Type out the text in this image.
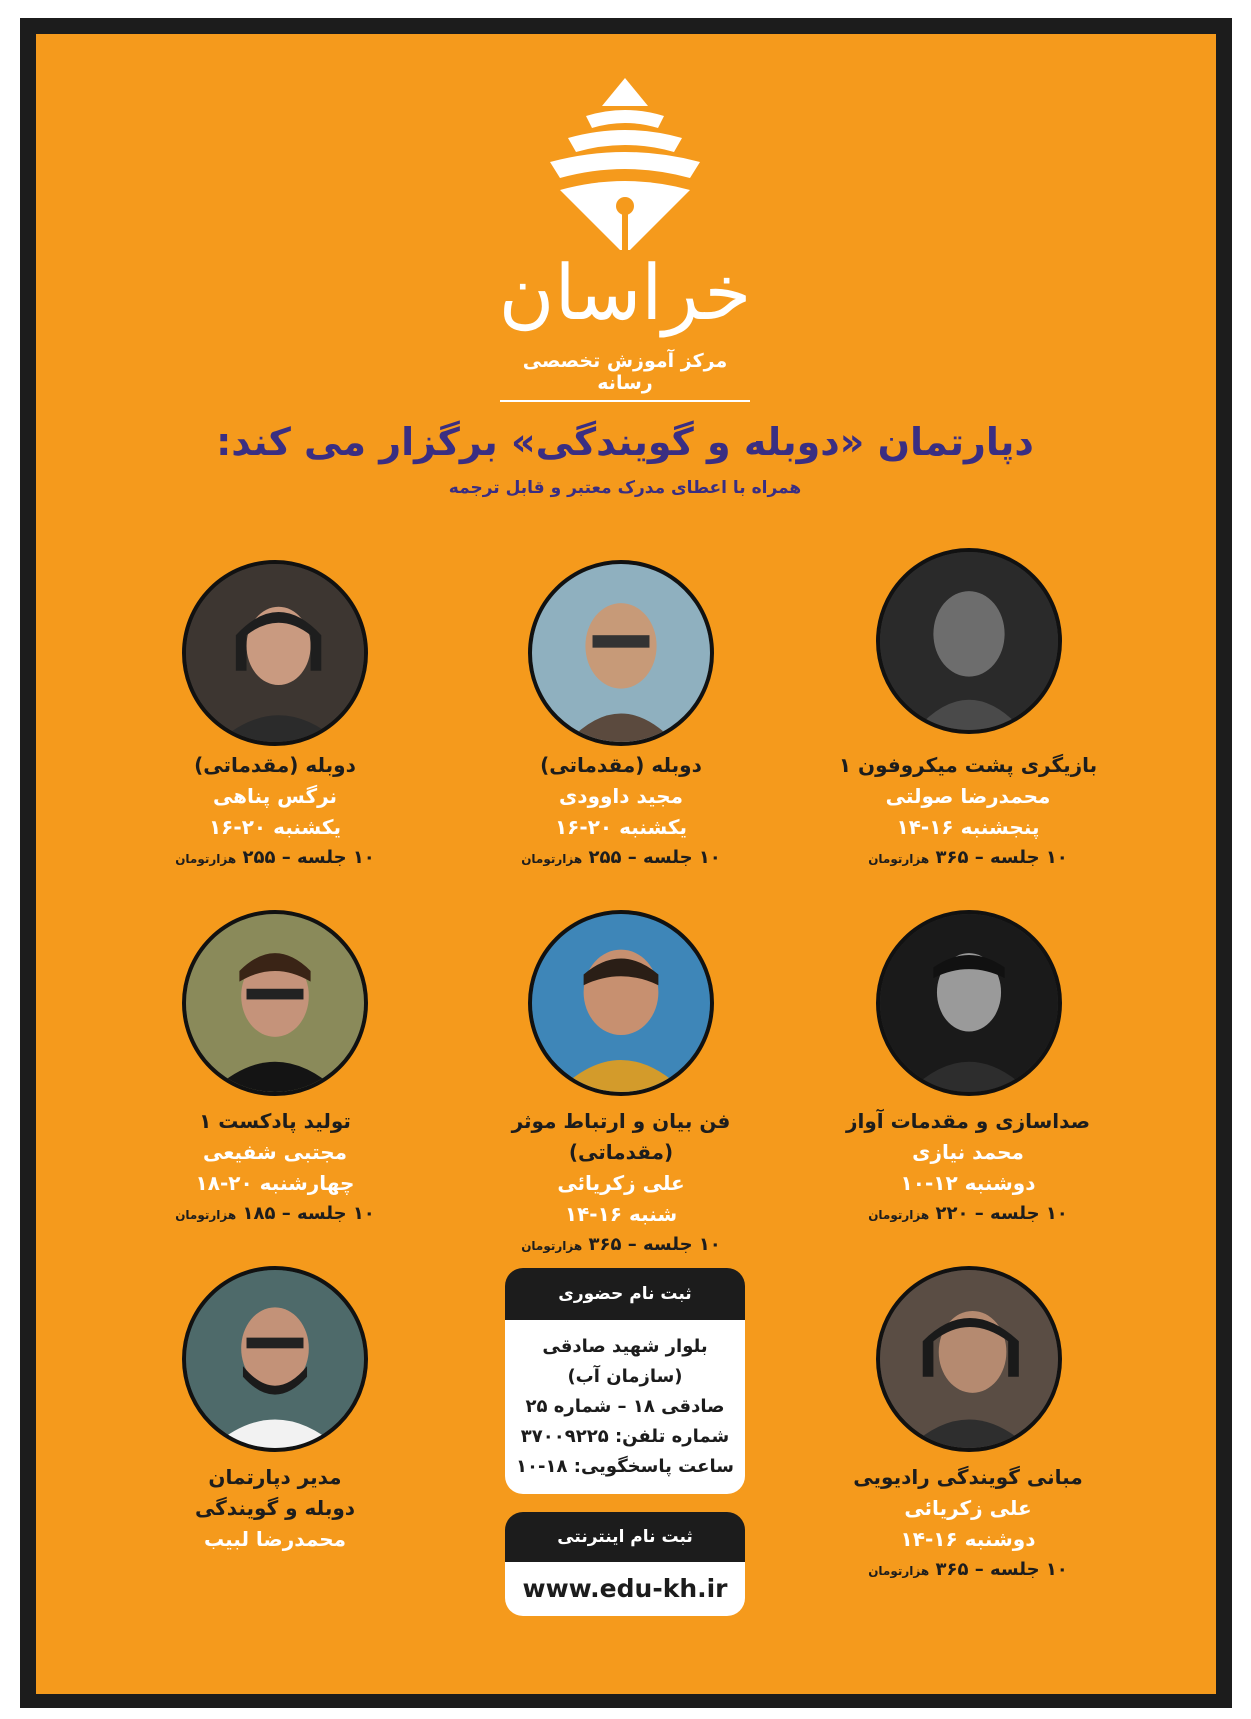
خراسان
مرکز آموزش تخصصی رسانه
دپارتمان «دوبله و گویندگی» برگزار می کند:
همراه با اعطای مدرک معتبر و قابل ترجمه
بازیگری پشت میکروفون ۱
محمدرضا صولتی
پنجشنبه ۱۶-۱۴
۱۰ جلسه – ۳۶۵ هزارتومان
دوبله (مقدماتی)
مجید داوودی
یکشنبه ۲۰-۱۶
۱۰ جلسه – ۲۵۵ هزارتومان
دوبله (مقدماتی)
نرگس پناهی
یکشنبه ۲۰-۱۶
۱۰ جلسه – ۲۵۵ هزارتومان
صداسازی و مقدمات آواز
محمد نیازی
دوشنبه ۱۲-۱۰
۱۰ جلسه – ۲۲۰ هزارتومان
فن بیان و ارتباط موثر (مقدماتی)
علی زکریائی
شنبه ۱۶-۱۴
۱۰ جلسه – ۳۶۵ هزارتومان
تولید پادکست ۱
مجتبی شفیعی
چهارشنبه ۲۰-۱۸
۱۰ جلسه – ۱۸۵ هزارتومان
مدیر دپارتمان
دوبله و گویندگی
محمدرضا لبیب
مبانی گویندگی رادیویی
علی زکریائی
دوشنبه ۱۶-۱۴
۱۰ جلسه – ۳۶۵ هزارتومان
ثبت نام حضوری
بلوار شهید صادقی
(سازمان آب)
صادقی ۱۸ – شماره ۲۵
شماره تلفن: ۳۷۰۰۹۲۲۵
ساعت پاسخگویی: ۱۸-۱۰
ثبت نام اینترنتی
www.edu-kh.ir
